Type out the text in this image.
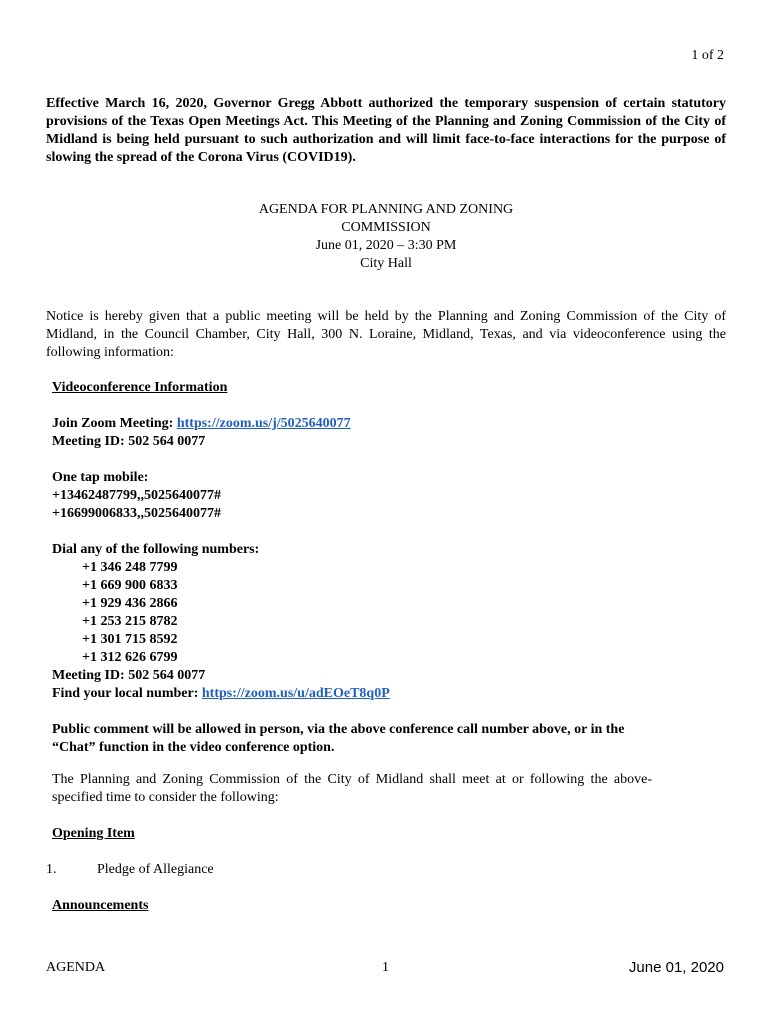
1 of 2
Effective March 16, 2020, Governor Gregg Abbott authorized the temporary suspension of certain statutory provisions of the Texas Open Meetings Act. This Meeting of the Planning and Zoning Commission of the City of Midland is being held pursuant to such authorization and will limit face-to-face interactions for the purpose of slowing the spread of the Corona Virus (COVID19).
AGENDA FOR PLANNING AND ZONING
COMMISSION
June 01, 2020 – 3:30 PM
City Hall
Notice is hereby given that a public meeting will be held by the Planning and Zoning Commission of the City of Midland, in the Council Chamber, City Hall, 300 N. Loraine, Midland, Texas, and via videoconference using the following information:
Videoconference Information
Join Zoom Meeting: https://zoom.us/j/5025640077
Meeting ID: 502 564 0077
One tap mobile:
+13462487799,,5025640077#
+16699006833,,5025640077#
Dial any of the following numbers:
+1 346 248 7799
+1 669 900 6833
+1 929 436 2866
+1 253 215 8782
+1 301 715 8592
+1 312 626 6799
Meeting ID: 502 564 0077
Find your local number: https://zoom.us/u/adEOeT8q0P
Public comment will be allowed in person, via the above conference call number above, or in the “Chat” function in the video conference option.
The Planning and Zoning Commission of the City of Midland shall meet at or following the above-specified time to consider the following:
Opening Item
1.	Pledge of Allegiance
Announcements
AGENDA	1	June 01, 2020
